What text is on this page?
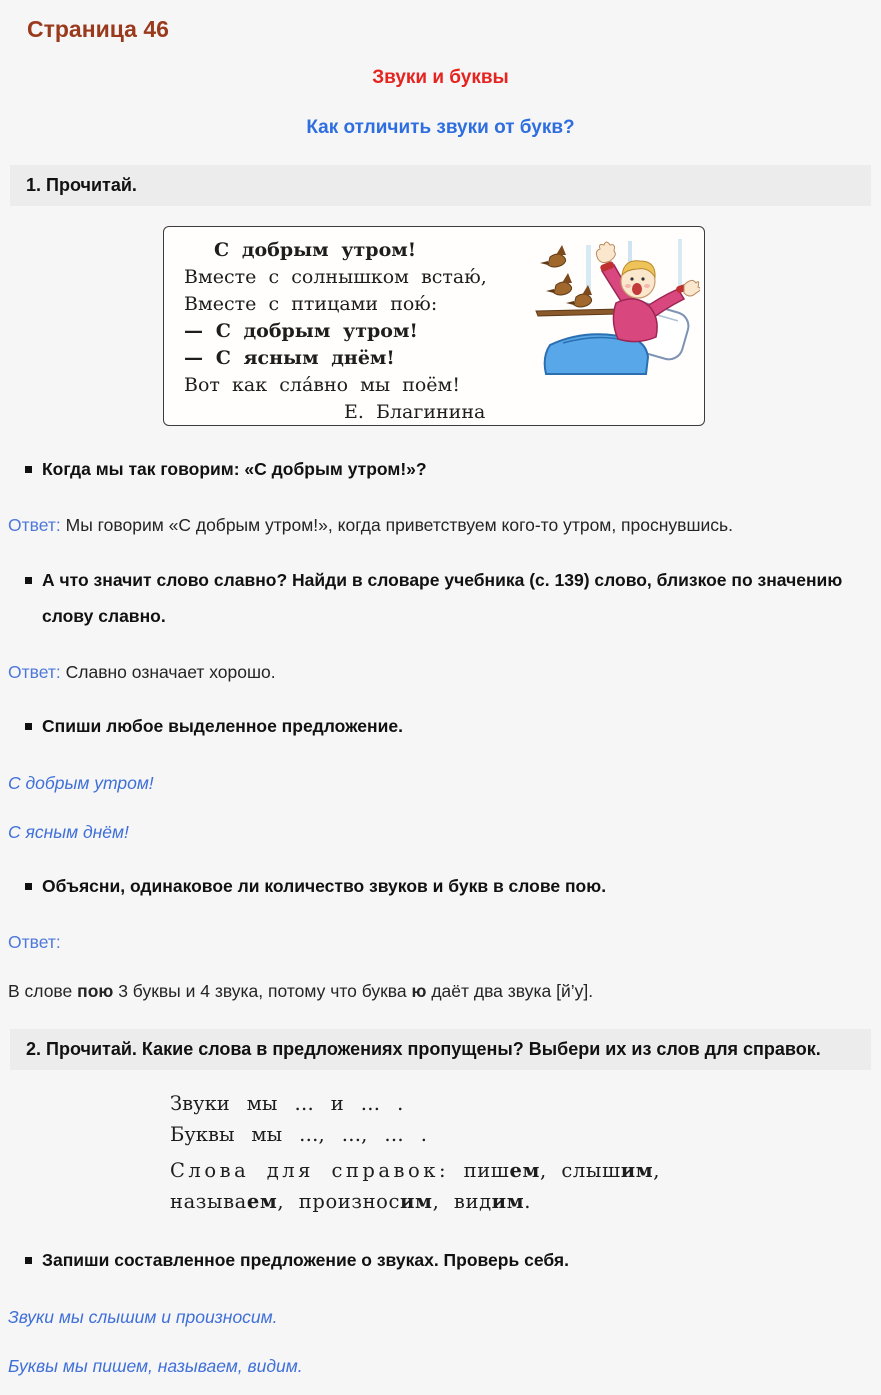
Страница 46
Звуки и буквы
Как отличить звуки от букв?
1. Прочитай.
С добрым утром!
Вместе с солнышком встаю́,
Вместе с птицами пою́:
— С добрым утром!
— С ясным днём!
Вот как сла́вно мы поём!
Е. Благинина
Когда мы так говорим: «С добрым утром!»?

Ответ: Мы говорим «С добрым утром!», когда приветствуем кого-то утром, проснувшись.

А что значит слово славно? Найди в словаре учебника (с. 139) слово, близкое по значению слову славно.

Ответ: Славно означает хорошо.

Спиши любое выделенное предложение.

С добрым утром!

С ясным днём!

Объясни, одинаковое ли количество звуков и букв в слове пою.

Ответ:

В слове пою 3 буквы и 4 звука, потому что буква ю даёт два звука [й’у].

2. Прочитай. Какие слова в предложениях пропущены? Выбери их из слов для справок.
Звуки мы … и … .
Буквы мы …, …, … .
Слова для справок: пишем, слышим,
называем, произносим, видим.
Запиши составленное предложение о звуках. Проверь себя.

Звуки мы слышим и произносим.

Буквы мы пишем, называем, видим.
